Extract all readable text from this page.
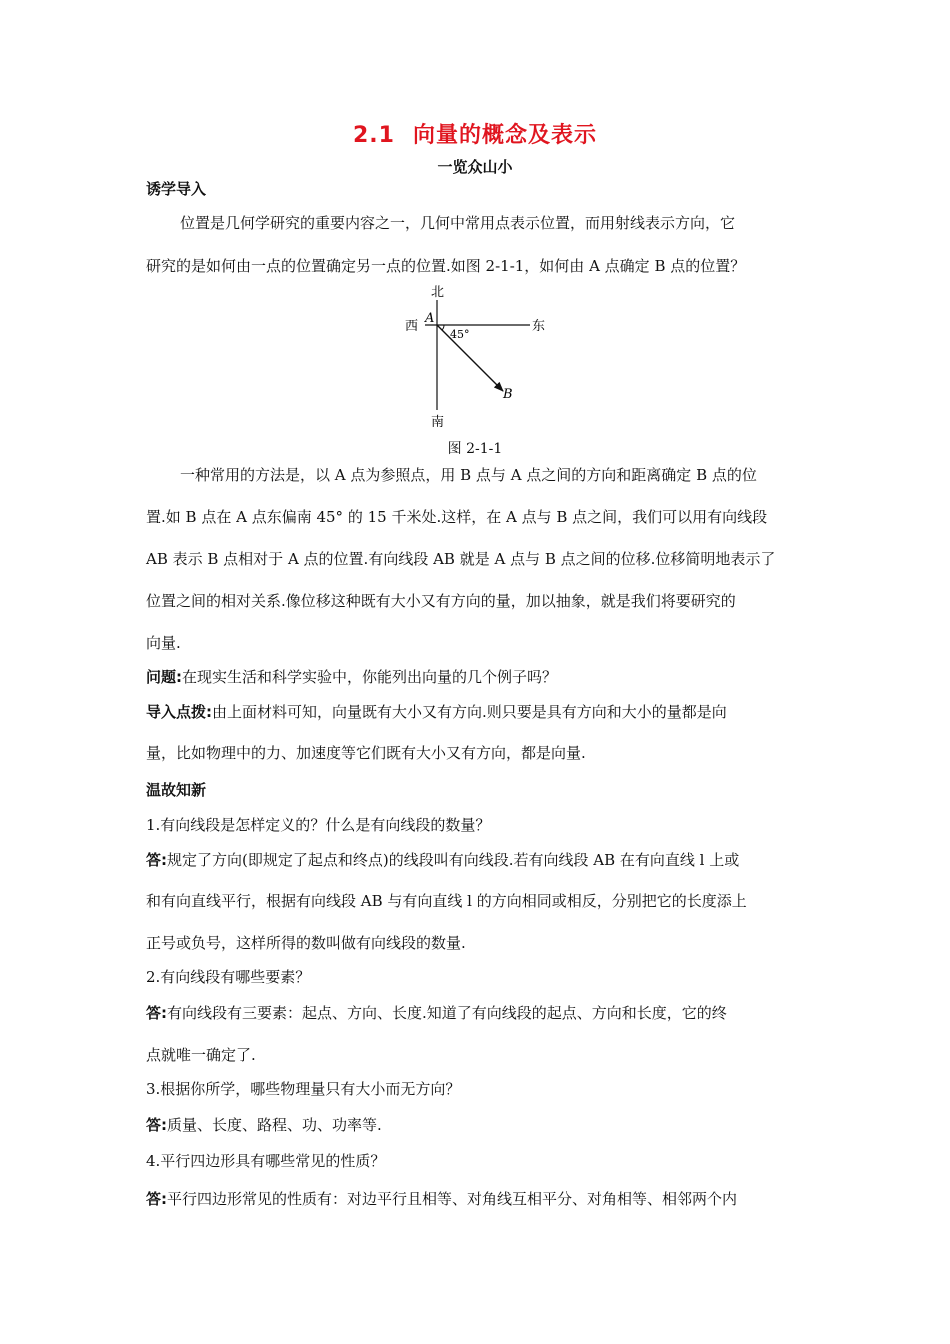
2.1 向量的概念及表示
一览众山小
诱学导入
位置是几何学研究的重要内容之一，几何中常用点表示位置，而用射线表示方向，它
研究的是如何由一点的位置确定另一点的位置.如图 2-1-1，如何由 A 点确定 B 点的位置？
北
南
西	东
A
B
45°
图 2-1-1
一种常用的方法是，以 A 点为参照点，用 B 点与 A 点之间的方向和距离确定 B 点的位
置.如 B 点在 A 点东偏南 45° 的 15 千米处.这样，在 A 点与 B 点之间，我们可以用有向线段
AB 表示 B 点相对于 A 点的位置.有向线段 AB 就是 A 点与 B 点之间的位移.位移简明地表示了
位置之间的相对关系.像位移这种既有大小又有方向的量，加以抽象，就是我们将要研究的
向量.
问题:在现实生活和科学实验中，你能列出向量的几个例子吗？
导入点拨:由上面材料可知，向量既有大小又有方向.则只要是具有方向和大小的量都是向
量，比如物理中的力、加速度等它们既有大小又有方向，都是向量.
温故知新
1.有向线段是怎样定义的？什么是有向线段的数量？
答:规定了方向(即规定了起点和终点)的线段叫有向线段.若有向线段 AB 在有向直线 l 上或
和有向直线平行，根据有向线段 AB 与有向直线 l 的方向相同或相反，分别把它的长度添上
正号或负号，这样所得的数叫做有向线段的数量.
2.有向线段有哪些要素？
答:有向线段有三要素：起点、方向、长度.知道了有向线段的起点、方向和长度，它的终
点就唯一确定了.
3.根据你所学，哪些物理量只有大小而无方向？
答:质量、长度、路程、功、功率等.
4.平行四边形具有哪些常见的性质？
答:平行四边形常见的性质有：对边平行且相等、对角线互相平分、对角相等、相邻两个内
